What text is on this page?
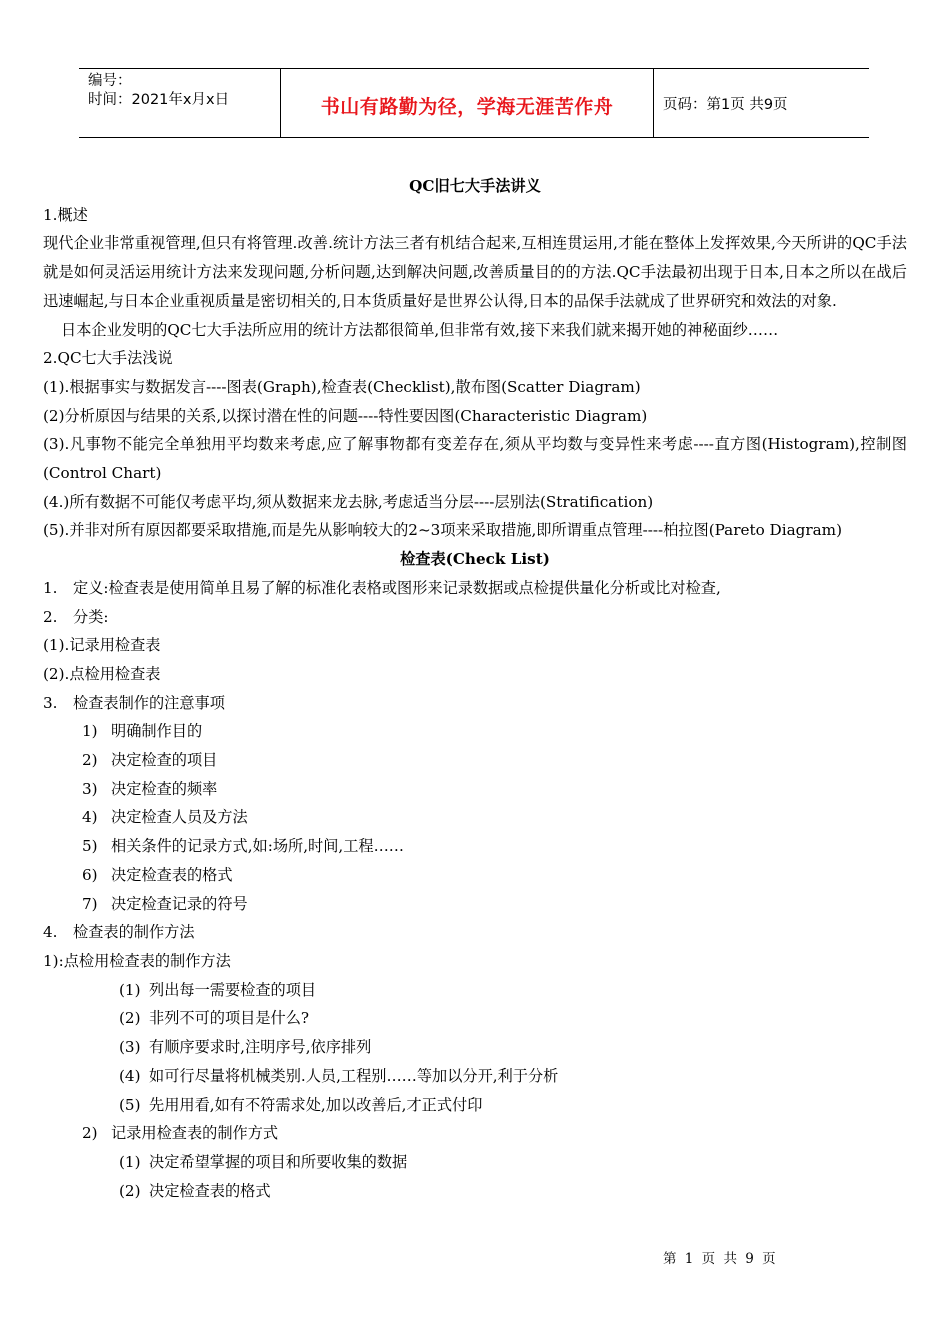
编号：
时间：2021年x月x日	书山有路勤为径，学海无涯苦作舟	页码：第1页 共9页
QC旧七大手法讲义

1.概述

现代企业非常重视管理,但只有将管理.改善.统计方法三者有机结合起来,互相连贯运用,才能在整体上发挥效果,今天所讲的QC手法就是如何灵活运用统计方法来发现问题,分析问题,达到解决问题,改善质量目的的方法.QC手法最初出现于日本,日本之所以在战后迅速崛起,与日本企业重视质量是密切相关的,日本货质量好是世界公认得,日本的品保手法就成了世界研究和效法的对象.

日本企业发明的QC七大手法所应用的统计方法都很简单,但非常有效,接下来我们就来揭开她的神秘面纱……

2.QC七大手法浅说

(1).根据事实与数据发言----图表(Graph),检查表(Checklist),散布图(Scatter Diagram)

(2)分析原因与结果的关系,以探讨潜在性的问题----特性要因图(Characteristic Diagram)

(3).凡事物不能完全单独用平均数来考虑,应了解事物都有变差存在,须从平均数与变异性来考虑----直方图(Histogram),控制图(Control Chart)

(4.)所有数据不可能仅考虑平均,须从数据来龙去脉,考虑适当分层----层别法(Stratification)

(5).并非对所有原因都要采取措施,而是先从影响较大的2~3项来采取措施,即所谓重点管理----柏拉图(Pareto Diagram)

检查表(Check List)
1. 定义:检查表是使用简单且易了解的标准化表格或图形来记录数据或点检提供量化分析或比对检查,
2. 分类:
(1).记录用检查表
(2).点检用检查表
3. 检查表制作的注意事项
1) 明确制作目的
2) 决定检查的项目
3) 决定检查的频率
4) 决定检查人员及方法
5) 相关条件的记录方式,如:场所,时间,工程……
6) 决定检查表的格式
7) 决定检查记录的符号
4. 检查表的制作方法
1):点检用检查表的制作方法
(1) 列出每一需要检查的项目
(2) 非列不可的项目是什么?
(3) 有顺序要求时,注明序号,依序排列
(4) 如可行尽量将机械类别.人员,工程别……等加以分开,利于分析
(5) 先用用看,如有不符需求处,加以改善后,才正式付印
2) 记录用检查表的制作方式
(1) 决定希望掌握的项目和所要收集的数据
(2) 决定检查表的格式
第 1 页 共 9 页
